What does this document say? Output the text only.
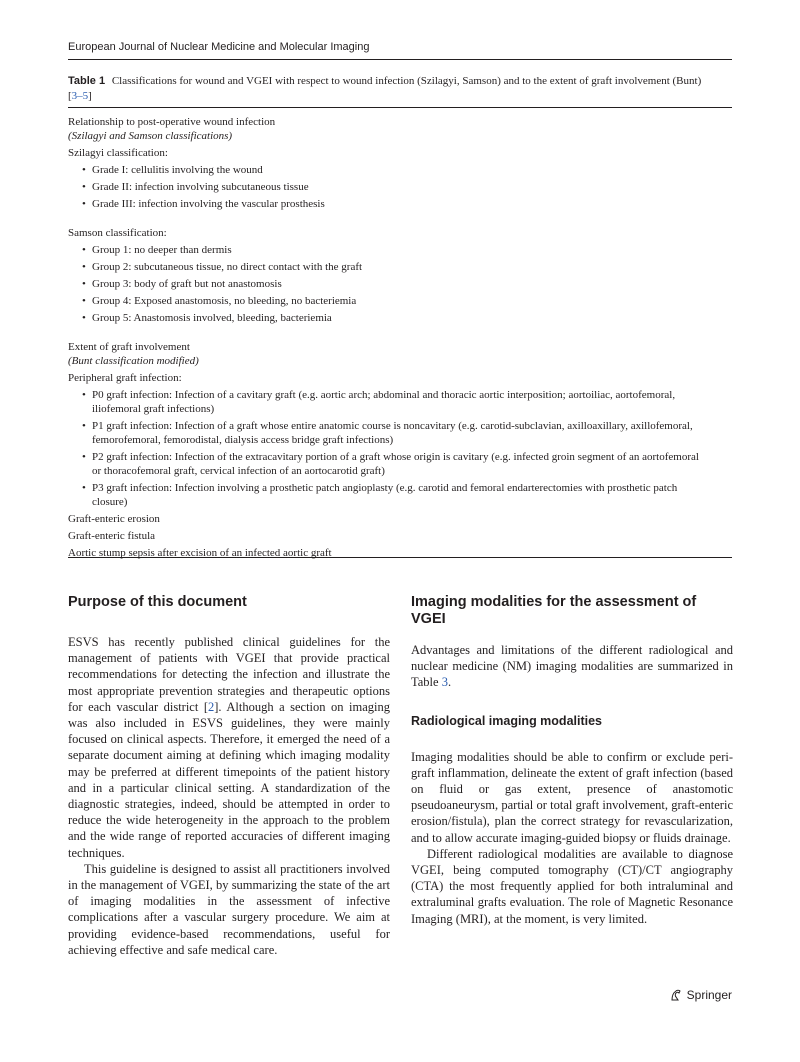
European Journal of Nuclear Medicine and Molecular Imaging
Table 1 Classifications for wound and VGEI with respect to wound infection (Szilagyi, Samson) and to the extent of graft involvement (Bunt)
[3–5]
Relationship to post-operative wound infection
(Szilagyi and Samson classifications)
Szilagyi classification:
• Grade I: cellulitis involving the wound
• Grade II: infection involving subcutaneous tissue
• Grade III: infection involving the vascular prosthesis
Samson classification:
• Group 1: no deeper than dermis
• Group 2: subcutaneous tissue, no direct contact with the graft
• Group 3: body of graft but not anastomosis
• Group 4: Exposed anastomosis, no bleeding, no bacteriemia
• Group 5: Anastomosis involved, bleeding, bacteriemia
Extent of graft involvement
(Bunt classification modified)
Peripheral graft infection:
• P0 graft infection: Infection of a cavitary graft (e.g. aortic arch; abdominal and thoracic aortic interposition; aortoiliac, aortofemoral,
iliofemoral graft infections)
• P1 graft infection: Infection of a graft whose entire anatomic course is noncavitary (e.g. carotid-subclavian, axilloaxillary, axillofemoral,
femorofemoral, femorodistal, dialysis access bridge graft infections)
• P2 graft infection: Infection of the extracavitary portion of a graft whose origin is cavitary (e.g. infected groin segment of an aortofemoral
or thoracofemoral graft, cervical infection of an aortocarotid graft)
• P3 graft infection: Infection involving a prosthetic patch angioplasty (e.g. carotid and femoral endarterectomies with prosthetic patch
closure)
Graft-enteric erosion
Graft-enteric fistula
Aortic stump sepsis after excision of an infected aortic graft
Purpose of this document

ESVS has recently published clinical guidelines for the management of patients with VGEI that provide practical recommendations for detecting the infection and illustrate the most appropriate prevention strategies and therapeutic options for each vascular district [2]. Although a section on imaging was also included in ESVS guidelines, they were mainly focused on clinical aspects. Therefore, it emerged the need of a separate document aiming at defining which imaging modality may be preferred at different timepoints of the patient history and in a particular clinical setting. A standardization of the diagnostic strategies, indeed, should be attempted in order to reduce the wide heterogeneity in the approach to the problem and the wide range of reported accuracies of different imaging techniques.

This guideline is designed to assist all practitioners involved in the management of VGEI, by summarizing the state of the art of imaging modalities in the assessment of infective complications after a vascular surgery procedure. We aim at providing evidence-based recommendations, useful for achieving effective and safe medical care.

Imaging modalities for the assessment of VGEI

Advantages and limitations of the different radiological and nuclear medicine (NM) imaging modalities are summarized in Table 3.

Radiological imaging modalities

Imaging modalities should be able to confirm or exclude peri-graft inflammation, delineate the extent of graft infection (based on fluid or gas extent, presence of anastomotic pseudoaneurysm, partial or total graft involvement, graft-enteric erosion/fistula), plan the correct strategy for revascularization, and to allow accurate imaging-guided biopsy or fluids drainage.

Different radiological modalities are available to diagnose VGEI, being computed tomography (CT)/CT angiography (CTA) the most frequently applied for both intraluminal and extraluminal grafts evaluation. The role of Magnetic Resonance Imaging (MRI), at the moment, is very limited.

Springer
